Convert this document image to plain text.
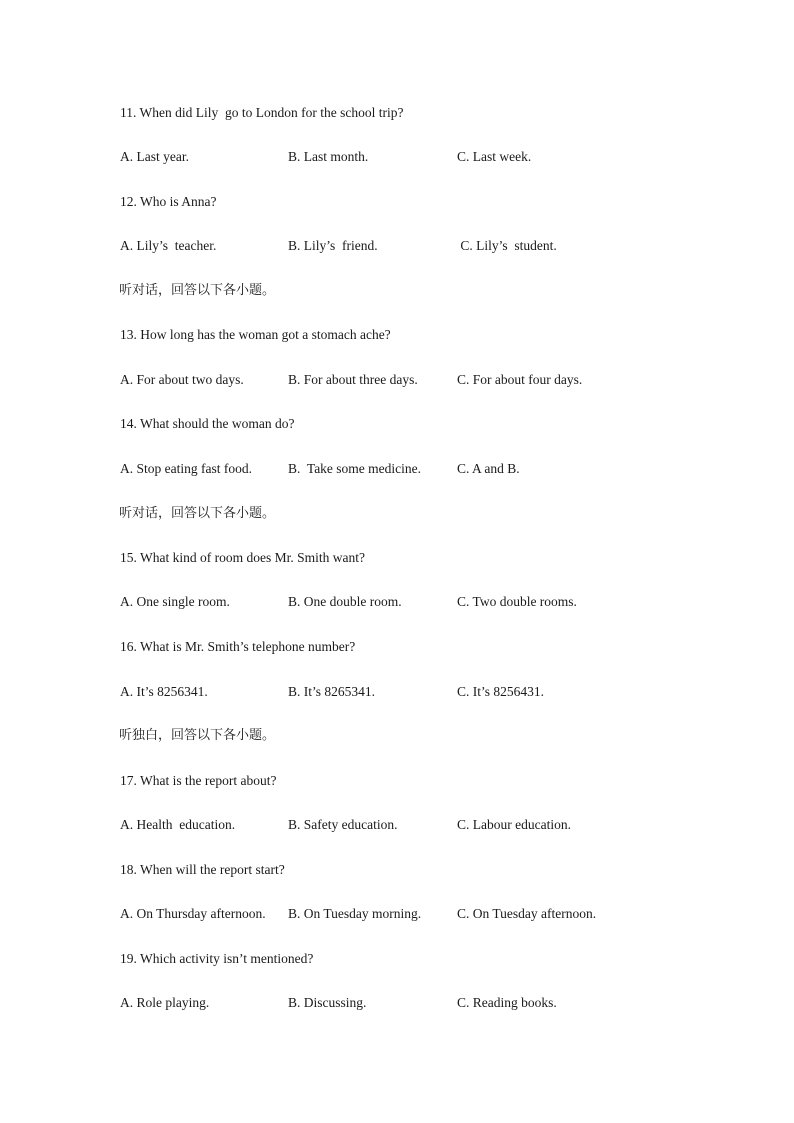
11. When did Lily  go to London for the school trip?
A. Last year.	B. Last month.	C. Last week.
12. Who is Anna?
A. Lily’s  teacher.	B. Lily’s  friend.	C. Lily’s  student.
听对话，回答以下各小题。
13. How long has the woman got a stomach ache?
A. For about two days.	B. For about three days.	C. For about four days.
14. What should the woman do?
A. Stop eating fast food.	B.  Take some medicine.	C. A and B.
听对话，回答以下各小题。
15. What kind of room does Mr. Smith want?
A. One single room.	B. One double room.	C. Two double rooms.
16. What is Mr. Smith’s telephone number?
A. It’s 8256341.	B. It’s 8265341.	C. It’s 8256431.
听独白，回答以下各小题。
17. What is the report about?
A. Health  education.	B. Safety education.	C. Labour education.
18. When will the report start?
A. On Thursday afternoon. B. On Tuesday morning.	C. On Tuesday afternoon.
19. Which activity isn’t mentioned?
A. Role playing.	B. Discussing.	C. Reading books.
